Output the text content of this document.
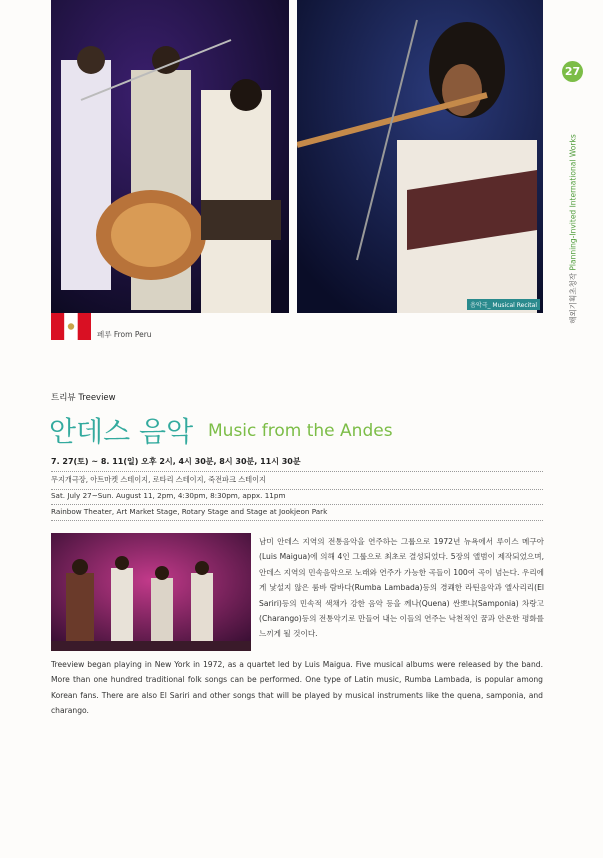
음악극_ Musical Recital
페루 From Peru
27
해외기획초청작 Planning-Invited International Works
트리뷰 Treeview
안데스 음악 Music from the Andes
7. 27(토) ~ 8. 11(일) 오후 2시, 4시 30분, 8시 30분, 11시 30분
무지개극장, 아트마켓 스테이지, 로타리 스테이지, 죽전파크 스테이지
Sat. July 27~Sun. August 11, 2pm, 4:30pm, 8:30pm, appx. 11pm
Rainbow Theater, Art Market Stage, Rotary Stage and Stage at Jookjeon Park

남미 안데스 지역의 전통음악을 연주하는 그룹으로 1972년 뉴욕에서 루이스 메구아 (Luis Maigua)에 의해 4인 그룹으로 최초로 결성되었다. 5장의 앨범이 제작되었으며, 안데스 지역의 민속음악으로 노래와 연주가 가능한 곡들이 100여 곡이 넘는다. 우리에게 낯설지 않은 룸바 람바다(Rumba Lambada)등의 경쾌한 라틴음악과 엘사리리(El Sariri)등의 민속적 색채가 강한 음악 등을 께나(Quena) 싼뽀냐(Samponia) 차랑고(Charango)등의 전통악기로 만들어 내는 이들의 연주는 낙천적인 꿈과 안온한 평화를 느끼게 될 것이다.

Treeview began playing in New York in 1972, as a quartet led by Luis Maigua. Five musical albums were released by the band. More than one hundred traditional folk songs can be performed. One type of Latin music, Rumba Lambada, is popular among Korean fans. There are also El Sariri and other songs that will be played by musical instruments like the quena, samponia, and charango.
